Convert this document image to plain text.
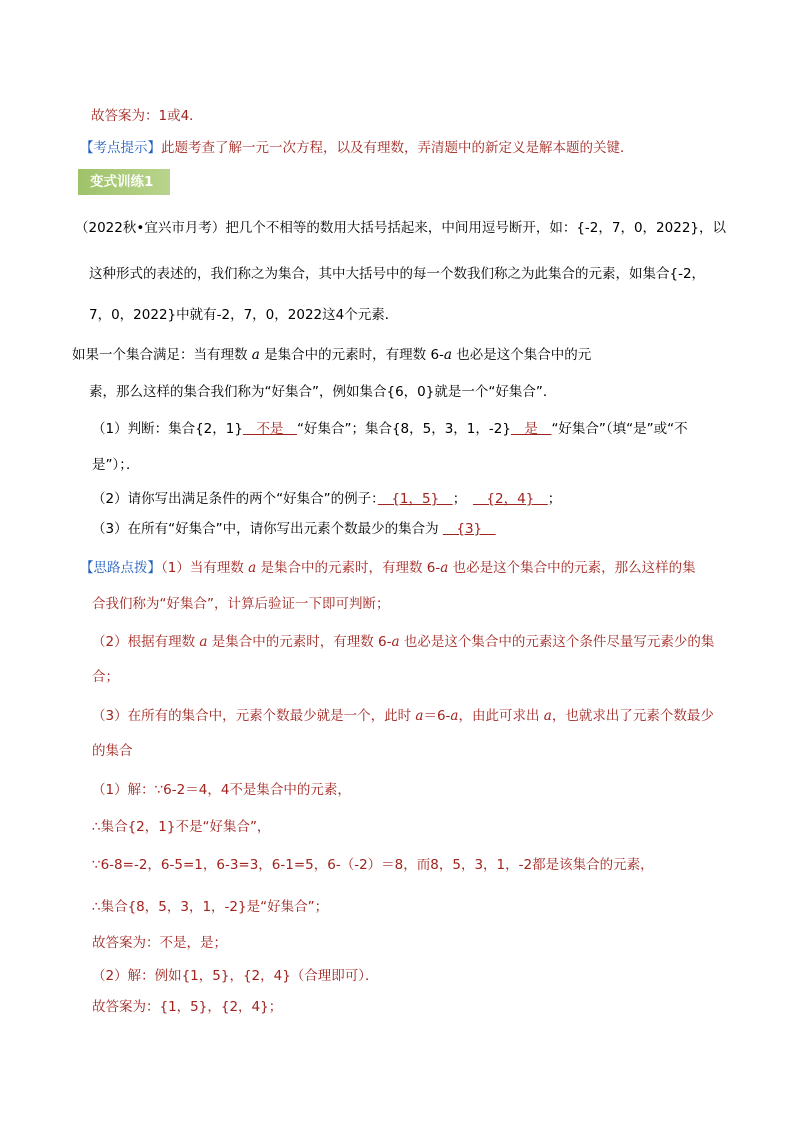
故答案为：1或4．
【考点提示】此题考查了解一元一次方程，以及有理数，弄清题中的新定义是解本题的关键．
变式训练1
（2022秋•宜兴市月考）把几个不相等的数用大括号括起来，中间用逗号断开，如：{-2，7，0，2022}，以
这种形式的表述的，我们称之为集合，其中大括号中的每一个数我们称之为此集合的元素，如集合{-2，
7，0，2022}中就有-2，7，0，2022这4个元素．
如果一个集合满足：当有理数 a 是集合中的元素时，有理数 6-a 也必是这个集合中的元
素，那么这样的集合我们称为“好集合”，例如集合{6，0}就是一个“好集合”．
（1）判断：集合{2，1}　不是　“好集合”；集合{8，5，3，1，-2}　是　“好集合”（填“是”或“不
是”）；．
（2）请你写出满足条件的两个“好集合”的例子：　{1，5}　；　　{2，4}　；
（3）在所有“好集合”中，请你写出元素个数最少的集合为 　{3}　
【思路点拨】（1）当有理数 a 是集合中的元素时，有理数 6-a 也必是这个集合中的元素，那么这样的集
合我们称为“好集合”，计算后验证一下即可判断；
（2）根据有理数 a 是集合中的元素时，有理数 6-a 也必是这个集合中的元素这个条件尽量写元素少的集
合；
（3）在所有的集合中，元素个数最少就是一个，此时 a＝6-a，由此可求出 a，也就求出了元素个数最少
的集合
（1）解：∵6-2＝4，4不是集合中的元素，
∴集合{2，1}不是“好集合”，
∵6-8=-2，6-5=1，6-3=3，6-1=5，6-（-2）＝8，而8，5，3，1，-2都是该集合的元素，
∴集合{8，5，3，1，-2}是“好集合”；
故答案为：不是，是；
（2）解：例如{1，5}，{2，4}（合理即可）．
故答案为：{1，5}，{2，4}；
